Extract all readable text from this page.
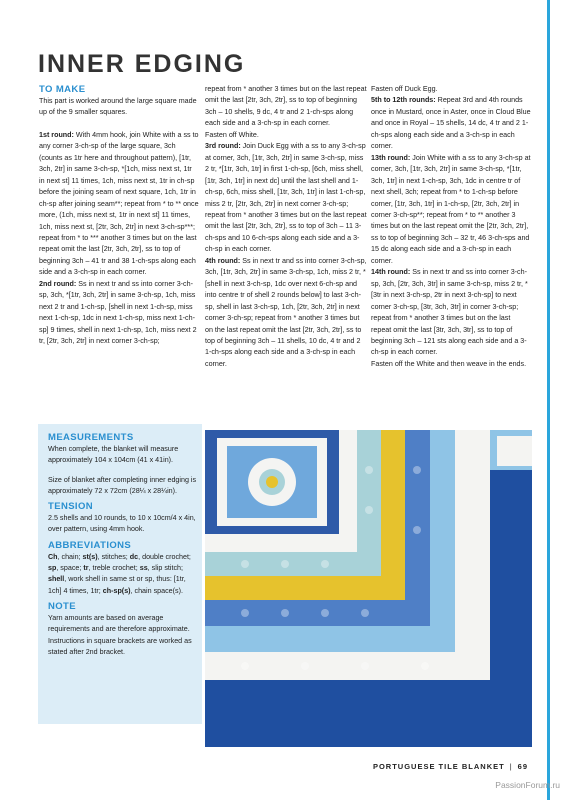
INNER EDGING
TO MAKE

This part is worked around the large square made up of the 9 smaller squares.

1st round: With 4mm hook, join White with a ss to any corner 3-ch-sp of the large square, 3ch (counts as 1tr here and throughout pattern), [1tr, 3ch, 2tr] in same 3-ch-sp, *[1ch, miss next st, 1tr in next st] 11 times, 1ch, miss next st, 1tr in ch-sp before the joining seam of next square, 1ch, 1tr in ch-sp after joining seam**; repeat from * to ** once more, (1ch, miss next st, 1tr in next st] 11 times, 1ch, miss next st, [2tr, 3ch, 2tr] in next 3-ch-sp***; repeat from * to *** another 3 times but on the last repeat omit the last [2tr, 3ch, 2tr], ss to top of beginning 3ch – 41 tr and 38 1-ch-sps along each side and a 3-ch-sp in each corner.

2nd round: Ss in next tr and ss into corner 3-ch-sp, 3ch, *[1tr, 3ch, 2tr] in same 3-ch-sp, 1ch, miss next 2 tr and 1-ch-sp, [shell in next 1-ch-sp, miss next 1-ch-sp, 1dc in next 1-ch-sp, miss next 1-ch-sp] 9 times, shell in next 1-ch-sp, 1ch, miss next 2 tr, [2tr, 3ch, 2tr] in next corner 3-ch-sp;

repeat from * another 3 times but on the last repeat omit the last [2tr, 3ch, 2tr], ss to top of beginning 3ch – 10 shells, 9 dc, 4 tr and 2 1-ch-sps along each side and a 3-ch-sp in each corner.

Fasten off White.

3rd round: Join Duck Egg with a ss to any 3-ch-sp at corner, 3ch, [1tr, 3ch, 2tr] in same 3-ch-sp, miss 2 tr, *[1tr, 3ch, 1tr] in first 1-ch-sp, [6ch, miss shell, [1tr, 3ch, 1tr] in next dc] until the last shell and 1-ch-sp, 6ch, miss shell, [1tr, 3ch, 1tr] in last 1-ch-sp, miss 2 tr, [2tr, 3ch, 2tr] in next corner 3-ch-sp; repeat from * another 3 times but on the last repeat omit the last [2tr, 3ch, 2tr], ss to top of 3ch – 11 3-ch-sps and 10 6-ch-sps along each side and a 3-ch-sp in each corner.

4th round: Ss in next tr and ss into corner 3-ch-sp, 3ch, [1tr, 3ch, 2tr] in same 3-ch-sp, 1ch, miss 2 tr, *[shell in next 3-ch-sp, 1dc over next 6-ch-sp and into centre tr of shell 2 rounds below] to last 3-ch-sp, shell in last 3-ch-sp, 1ch, [2tr, 3ch, 2tr] in next corner 3-ch-sp; repeat from * another 3 times but on the last repeat omit the last [2tr, 3ch, 2tr], ss to top of beginning 3ch – 11 shells, 10 dc, 4 tr and 2 1-ch-sps along each side and a 3-ch-sp in each corner.

Fasten off Duck Egg.

5th to 12th rounds: Repeat 3rd and 4th rounds once in Mustard, once in Aster, once in Cloud Blue and once in Royal – 15 shells, 14 dc, 4 tr and 2 1-ch-sps along each side and a 3-ch-sp in each corner.

13th round: Join White with a ss to any 3-ch-sp at corner, 3ch, [1tr, 3ch, 2tr] in same 3-ch-sp, *[1tr, 3ch, 1tr] in next 1-ch-sp, 3ch, 1dc in centre tr of next shell, 3ch; repeat from * to 1-ch-sp before corner, [1tr, 3ch, 1tr] in 1-ch-sp, [2tr, 3ch, 2tr] in corner 3-ch-sp**; repeat from * to ** another 3 times but on the last repeat omit the [2tr, 3ch, 2tr], ss to top of beginning 3ch – 32 tr, 46 3-ch-sps and 15 dc along each side and a 3-ch-sp in each corner.

14th round: Ss in next tr and ss into corner 3-ch-sp, 3ch, [2tr, 3ch, 3tr] in same 3-ch-sp, miss 2 tr, *[3tr in next 3-ch-sp, 2tr in next 3-ch-sp] to next corner 3-ch-sp, [3tr, 3ch, 3tr] in corner 3-ch-sp; repeat from * another 3 times but on the last repeat omit the last [3tr, 3ch, 3tr], ss to top of beginning 3ch – 121 sts along each side and a 3-ch-sp in each corner.

Fasten off the White and then weave in the ends.

MEASUREMENTS

When complete, the blanket will measure approximately 104 x 104cm (41 x 41in).

Size of blanket after completing inner edging is approximately 72 x 72cm (28¼ x 28¼in).

TENSION

2.5 shells and 10 rounds, to 10 x 10cm/4 x 4in, over pattern, using 4mm hook.

ABBREVIATIONS

Ch, chain; st(s), stitches; dc, double crochet; sp, space; tr, treble crochet; ss, slip stitch; shell, work shell in same st or sp, thus: [1tr, 1ch] 4 times, 1tr; ch-sp(s), chain space(s).

NOTE

Yarn amounts are based on average requirements and are therefore approximate. Instructions in square brackets are worked as stated after 2nd bracket.

PORTUGUESE TILE BLANKET | 69
PassionForum.ru
